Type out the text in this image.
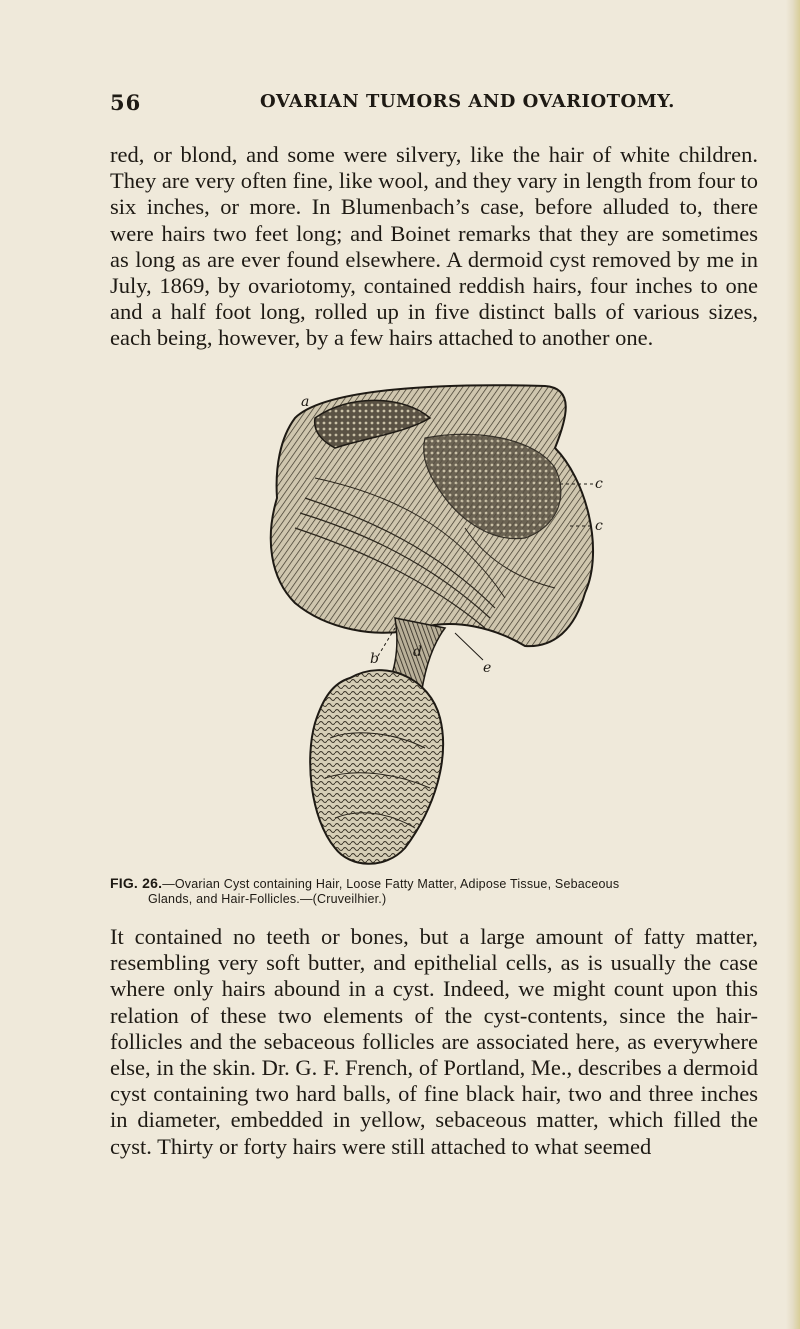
56	OVARIAN TUMORS AND OVARIOTOMY.

red, or blond, and some were silvery, like the hair of white children. They are very often fine, like wool, and they vary in length from four to six inches, or more. In Blumenbach’s case, before alluded to, there were hairs two feet long; and Boinet remarks that they are sometimes as long as are ever found elsewhere. A dermoid cyst removed by me in July, 1869, by ovariotomy, contained reddish hairs, four inches to one and a half foot long, rolled up in five distinct balls of various sizes, each being, however, by a few hairs attached to another one.

a
b
c
c
d
e
FIG. 26.—Ovarian Cyst containing Hair, Loose Fatty Matter, Adipose Tissue, Sebaceous
Glands, and Hair-Follicles.—(Cruveilhier.)

It contained no teeth or bones, but a large amount of fatty matter, resembling very soft butter, and epithelial cells, as is usually the case where only hairs abound in a cyst. Indeed, we might count upon this relation of these two elements of the cyst-contents, since the hair-follicles and the sebaceous follicles are associated here, as everywhere else, in the skin. Dr. G. F. French, of Portland, Me., describes a dermoid cyst containing two hard balls, of fine black hair, two and three inches in diameter, embedded in yellow, sebaceous matter, which filled the cyst. Thirty or forty hairs were still attached to what seemed
